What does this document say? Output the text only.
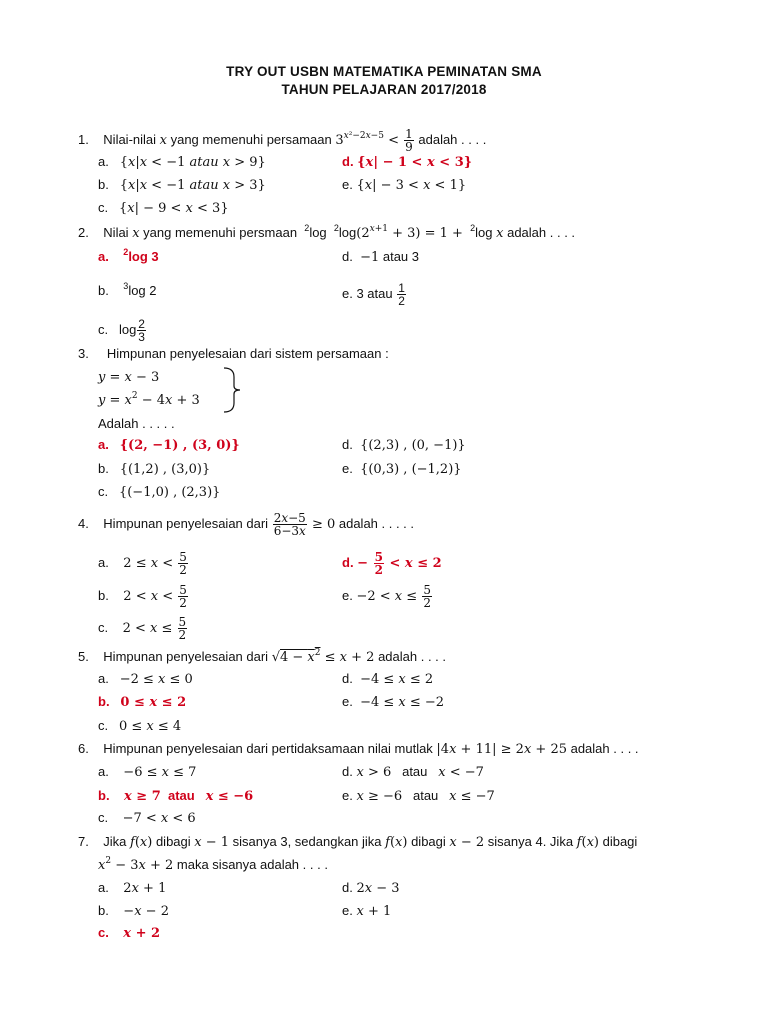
TRY OUT USBN MATEMATIKA PEMINATAN SMA
TAHUN PELAJARAN 2017/2018
1.    Nilai-nilai x yang memenuhi persamaan $3^{x^2-2x-5} < \frac{1}{9}$ adalah . . . .
a.   {x|x < −1 atau x > 9}	d. {x| − 1 < x < 3}
b.   {x|x < −1 atau x > 3}	e. {x| − 3 < x < 1}
c.   {x| − 9 < x < 3}
2.    Nilai x yang memenuhi persmaan  $^2$log  $^2\log(2^{x+1} + 3) = 1 + ^2\log$ x adalah . . . .
a.    $^2$log 3	d.  −1 atau 3
b.    $^3$log 2	e. 3 atau $\frac{1}{2}$
c.   $\log \frac{2}{3}$
3.     Himpunan penyelesaian dari sistem persamaan :
y = x − 3
$y = x^2 - 4x + 3$
Adalah . . . . .
a.   {(2, −1) , (3, 0)}	d.  {(2,3) , (0, −1)}
b.   {(1,2) , (3,0)}	e.  {(0,3) , (−1,2)}
c.   {(−1,0) , (2,3)}
4.    Himpunan penyelesaian dari $\frac{2x-5}{6-3x} \ge 0$ adalah . . . . .
a.    $2 \le x < \frac{5}{2}$	d. − $\frac{5}{2} < x \le 2$
b.    $2 < x < \frac{5}{2}$	e. $-2 < x \le \frac{5}{2}$
c.    $2 < x \le \frac{5}{2}$
5.    Himpunan penyelesaian dari $√4 - x^2 \le x + 2$ adalah . . . .
a.   −2 ≤ x ≤ 0	d.  −4 ≤ x ≤ 2
b.   0 ≤ x ≤ 2	e.  −4 ≤ x ≤ −2
c.   0 ≤ x ≤ 4
6.    Himpunan penyelesaian dari pertidaksamaan nilai mutlak |4x + 11| ≥ 2x + 25 adalah . . . .
a.    −6 ≤ x ≤ 7	d. x > 6   atau   x < −7
b.    x ≥ 7  atau   x ≤ −6	e. x ≥ −6   atau   x ≤ −7
c.    −7 < x < 6
7.    Jika f(x) dibagi x − 1 sisanya 3, sedangkan jika f(x) dibagi x − 2 sisanya 4. Jika f(x) dibagi
$x^2 - 3x + 2$ maka sisanya adalah . . . .
a.    2x + 1	d. 2x − 3
b.    −x − 2	e. x + 1
c.    x + 2
